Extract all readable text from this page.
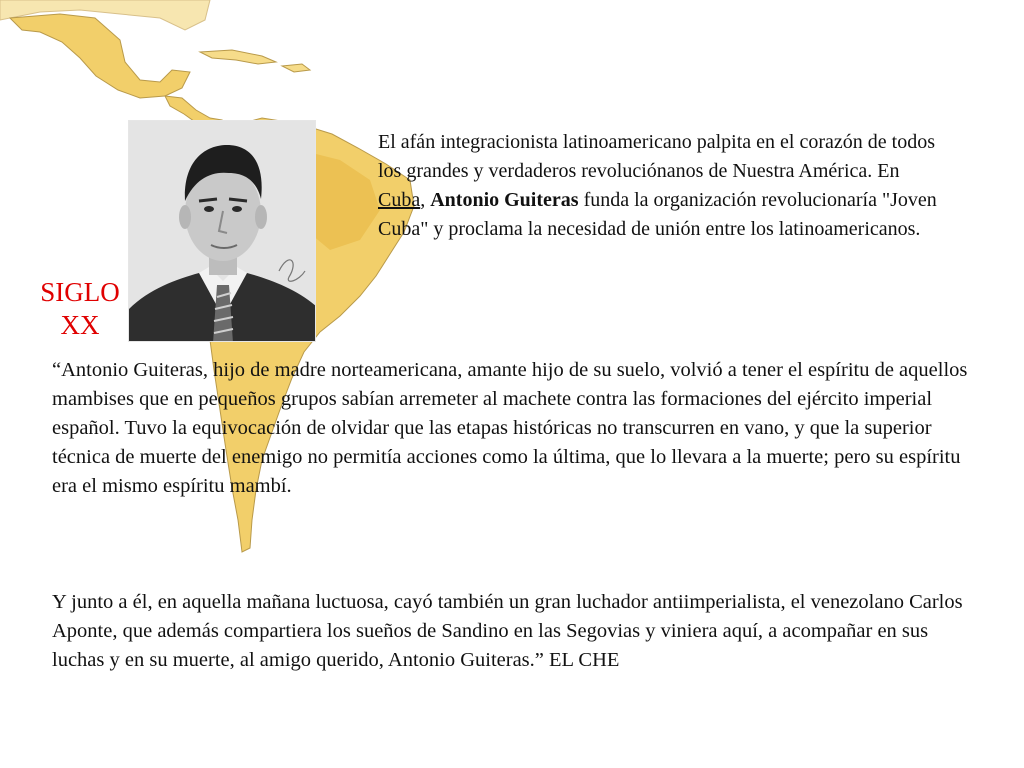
SIGLO
XX

El afán integracionista latinoamericano palpita en el corazón de todos los grandes y verdaderos revoluciónanos de Nuestra América. En Cuba, Antonio Guiteras funda la organización revolucionaría "Joven Cuba" y proclama la necesidad de unión entre los latinoamericanos.

“Antonio Guiteras, hijo de madre norteamericana, amante hijo de su suelo, volvió a tener el espíritu de aquellos mambises que en pequeños grupos sabían arremeter al machete contra las formaciones del ejército imperial español. Tuvo la equivocación de olvidar que las etapas históricas no transcurren en vano, y que la superior técnica de muerte del enemigo no permitía acciones como la última, que lo llevara a la muerte; pero su espíritu era el mismo espíritu mambí.

Y junto a él, en aquella mañana luctuosa, cayó también un gran luchador antiimperialista, el venezolano Carlos Aponte, que además compartiera los sueños de Sandino en las Segovias y viniera aquí, a acompañar en sus luchas y en su muerte, al amigo querido, Antonio Guiteras.” EL CHE
